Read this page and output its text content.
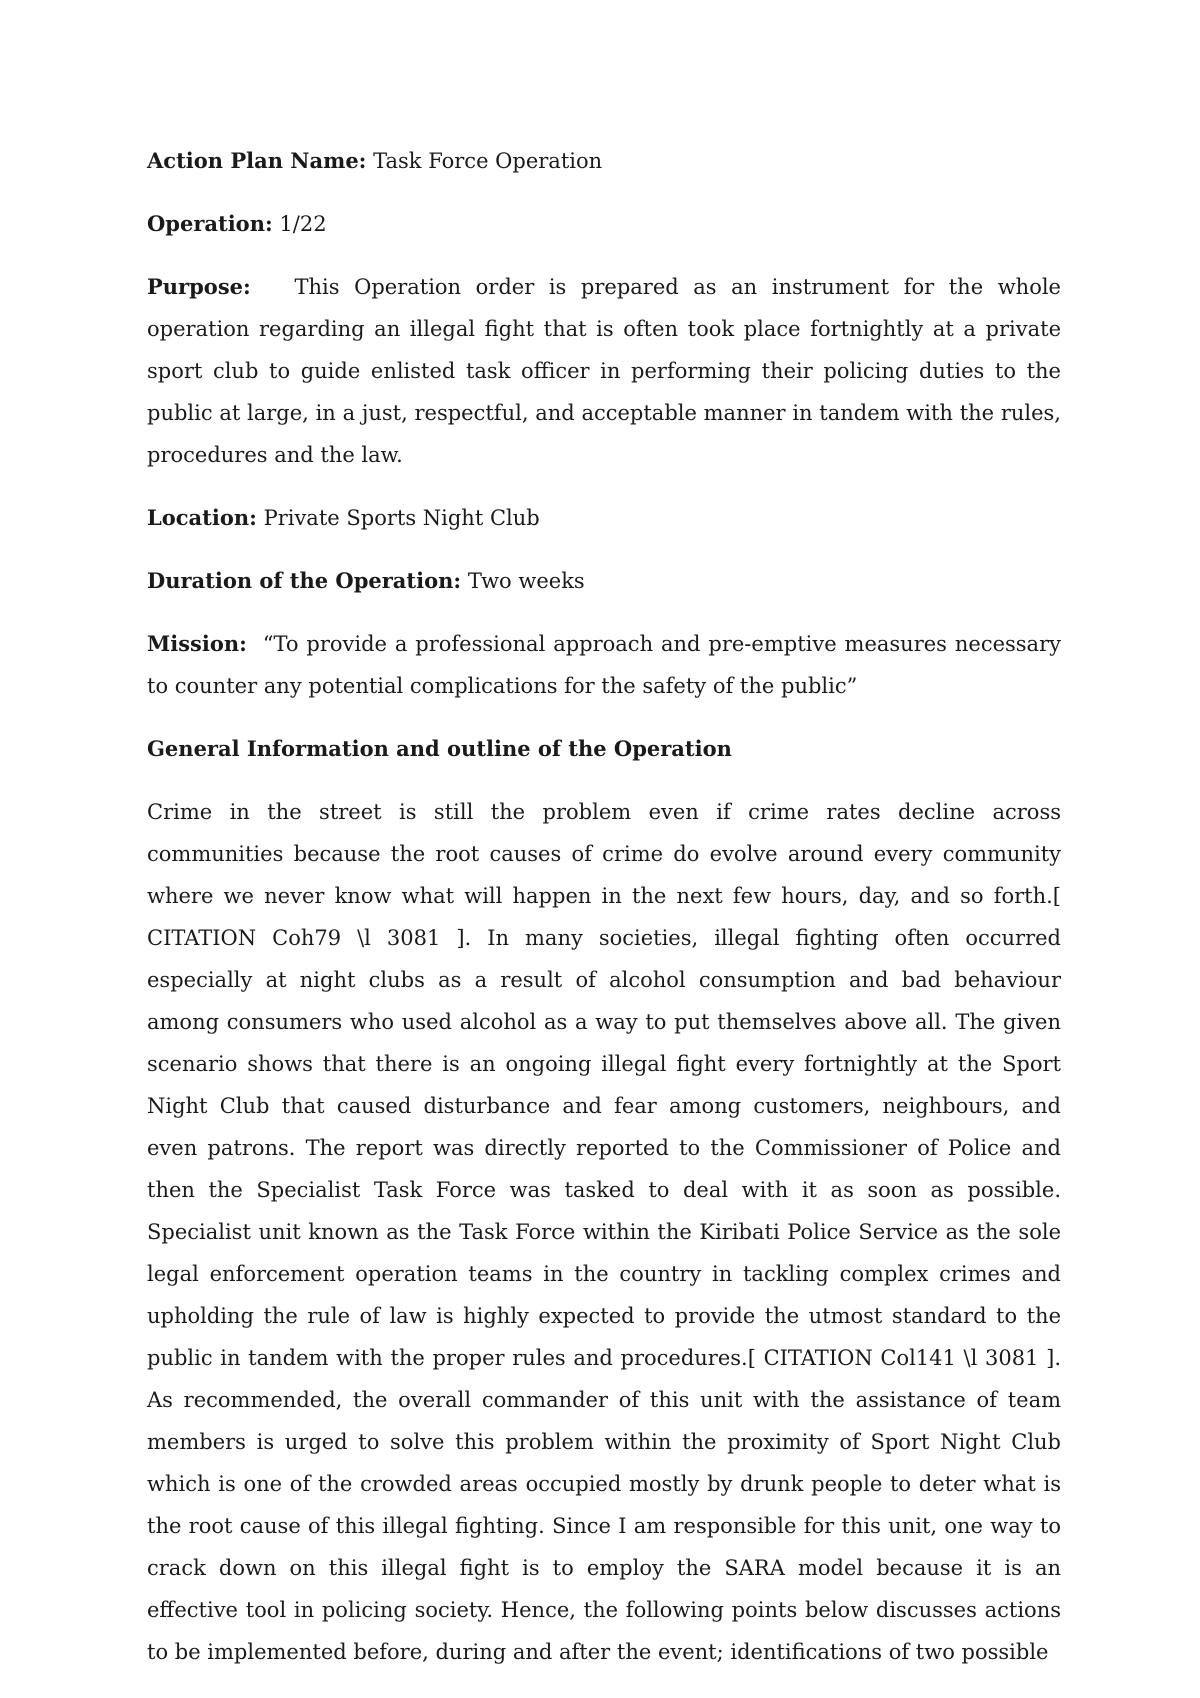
Action Plan Name: Task Force Operation

Operation: 1/22

Purpose: This Operation order is prepared as an instrument for the whole operation regarding an illegal fight that is often took place fortnightly at a private sport club to guide enlisted task officer in performing their policing duties to the public at large, in a just, respectful, and acceptable manner in tandem with the rules, procedures and the law.

Location: Private Sports Night Club

Duration of the Operation: Two weeks

Mission: “To provide a professional approach and pre-emptive measures necessary to counter any potential complications for the safety of the public”

General Information and outline of the Operation

Crime in the street is still the problem even if crime rates decline across communities because the root causes of crime do evolve around every community where we never know what will happen in the next few hours, day, and so forth.[ CITATION Coh79 \l 3081 ]. In many societies, illegal fighting often occurred especially at night clubs as a result of alcohol consumption and bad behaviour among consumers who used alcohol as a way to put themselves above all. The given scenario shows that there is an ongoing illegal fight every fortnightly at the Sport Night Club that caused disturbance and fear among customers, neighbours, and even patrons. The report was directly reported to the Commissioner of Police and then the Specialist Task Force was tasked to deal with it as soon as possible. Specialist unit known as the Task Force within the Kiribati Police Service as the sole legal enforcement operation teams in the country in tackling complex crimes and upholding the rule of law is highly expected to provide the utmost standard to the public in tandem with the proper rules and procedures.[ CITATION Col141 \l 3081 ]. As recommended, the overall commander of this unit with the assistance of team members is urged to solve this problem within the proximity of Sport Night Club which is one of the crowded areas occupied mostly by drunk people to deter what is the root cause of this illegal fighting. Since I am responsible for this unit, one way to crack down on this illegal fight is to employ the SARA model because it is an effective tool in policing society. Hence, the following points below discusses actions to be implemented before, during and after the event; identifications of two possible
